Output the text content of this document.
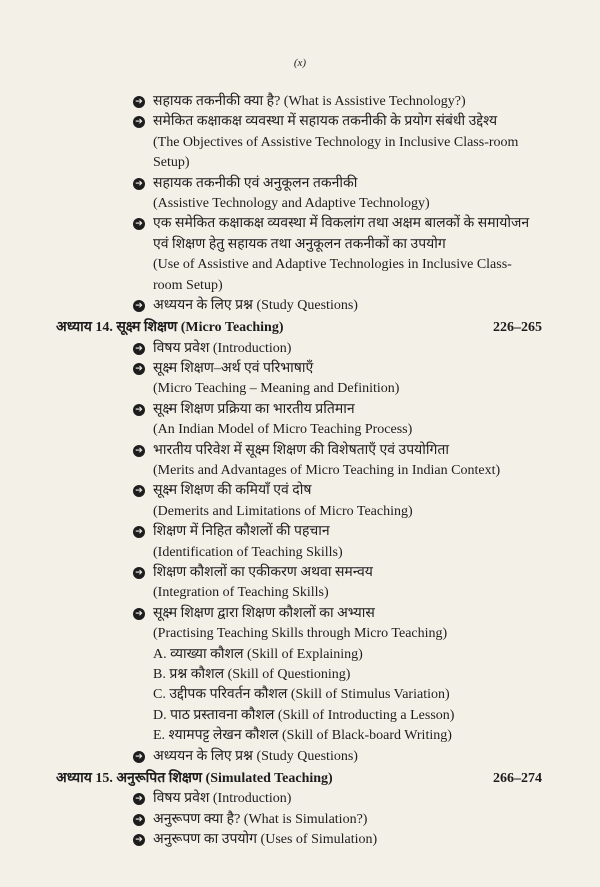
(x)
➔ सहायक तकनीकी क्या है? (What is Assistive Technology?)
➔ समेकित कक्षाकक्ष व्यवस्था में सहायक तकनीकी के प्रयोग संबंधी उद्देश्य
(The Objectives of Assistive Technology in Inclusive Class-room
Setup)
➔ सहायक तकनीकी एवं अनुकूलन तकनीकी
(Assistive Technology and Adaptive Technology)
➔ एक समेकित कक्षाकक्ष व्यवस्था में विकलांग तथा अक्षम बालकों के समायोजन
एवं शिक्षण हेतु सहायक तथा अनुकूलन तकनीकों का उपयोग
(Use of Assistive and Adaptive Technologies in Inclusive Class-
room Setup)
➔ अध्ययन के लिए प्रश्न (Study Questions)
अध्याय 14. सूक्ष्म शिक्षण (Micro Teaching)	226–265
➔ विषय प्रवेश (Introduction)
➔ सूक्ष्म शिक्षण–अर्थ एवं परिभाषाएँ
(Micro Teaching – Meaning and Definition)
➔ सूक्ष्म शिक्षण प्रक्रिया का भारतीय प्रतिमान
(An Indian Model of Micro Teaching Process)
➔ भारतीय परिवेश में सूक्ष्म शिक्षण की विशेषताएँ एवं उपयोगिता
(Merits and Advantages of Micro Teaching in Indian Context)
➔ सूक्ष्म शिक्षण की कमियाँ एवं दोष
(Demerits and Limitations of Micro Teaching)
➔ शिक्षण में निहित कौशलों की पहचान
(Identification of Teaching Skills)
➔ शिक्षण कौशलों का एकीकरण अथवा समन्वय
(Integration of Teaching Skills)
➔ सूक्ष्म शिक्षण द्वारा शिक्षण कौशलों का अभ्यास
(Practising Teaching Skills through Micro Teaching)
A. व्याख्या कौशल (Skill of Explaining)
B. प्रश्न कौशल (Skill of Questioning)
C. उद्दीपक परिवर्तन कौशल (Skill of Stimulus Variation)
D. पाठ प्रस्तावना कौशल (Skill of Introducting a Lesson)
E. श्यामपट्ट लेखन कौशल (Skill of Black-board Writing)
➔ अध्ययन के लिए प्रश्न (Study Questions)
अध्याय 15. अनुरूपित शिक्षण (Simulated Teaching)	266–274
➔ विषय प्रवेश (Introduction)
➔ अनुरूपण क्या है? (What is Simulation?)
➔ अनुरूपण का उपयोग (Uses of Simulation)
